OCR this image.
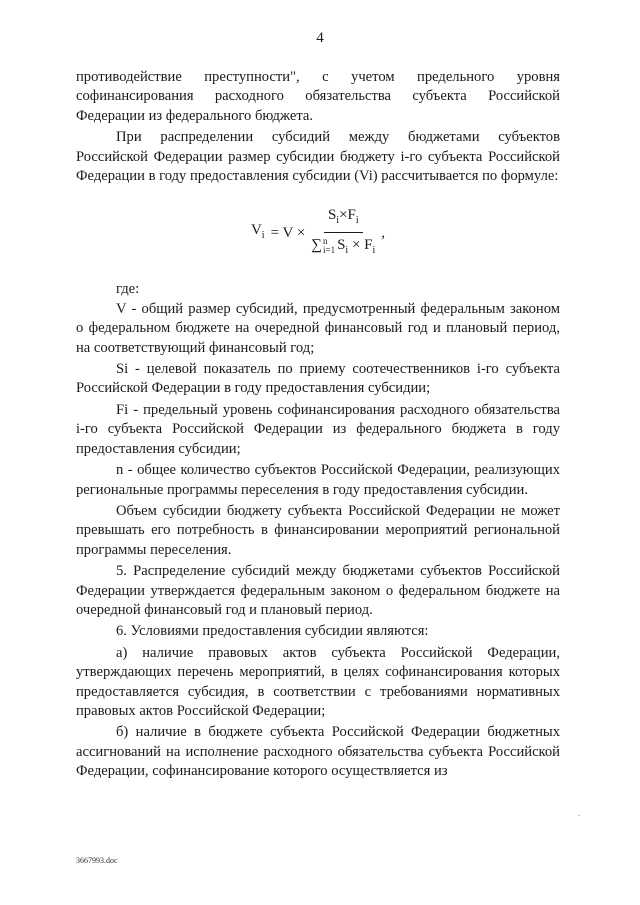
4

противодействие преступности", с учетом предельного уровня софинансирования расходного обязательства субъекта Российской Федерации из федерального бюджета.

При распределении субсидий между бюджетами субъектов Российской Федерации размер субсидии бюджету i-го субъекта Российской Федерации в году предоставления субсидии (Vi) рассчитывается по формуле:

$V_i = V \times S_i\times F_i$
∑ n
i=1 $S_i \times F_i$ ,

где:

V - общий размер субсидий, предусмотренный федеральным законом о федеральном бюджете на очередной финансовый год и плановый период, на соответствующий финансовый год;

Si - целевой показатель по приему соотечественников i-го субъекта Российской Федерации в году предоставления субсидии;

Fi - предельный уровень софинансирования расходного обязательства i-го субъекта Российской Федерации из федерального бюджета в году предоставления субсидии;

n - общее количество субъектов Российской Федерации, реализующих региональные программы переселения в году предоставления субсидии.

Объем субсидии бюджету субъекта Российской Федерации не может превышать его потребность в финансировании мероприятий региональной программы переселения.

5. Распределение субсидий между бюджетами субъектов Российской Федерации утверждается федеральным законом о федеральном бюджете на очередной финансовый год и плановый период.

6. Условиями предоставления субсидии являются:

а) наличие правовых актов субъекта Российской Федерации, утверждающих перечень мероприятий, в целях софинансирования которых предоставляется субсидия, в соответствии с требованиями нормативных правовых актов Российской Федерации;

б) наличие в бюджете субъекта Российской Федерации бюджетных ассигнований на исполнение расходного обязательства субъекта Российской Федерации, софинансирование которого осуществляется из

.
3667993.doc
